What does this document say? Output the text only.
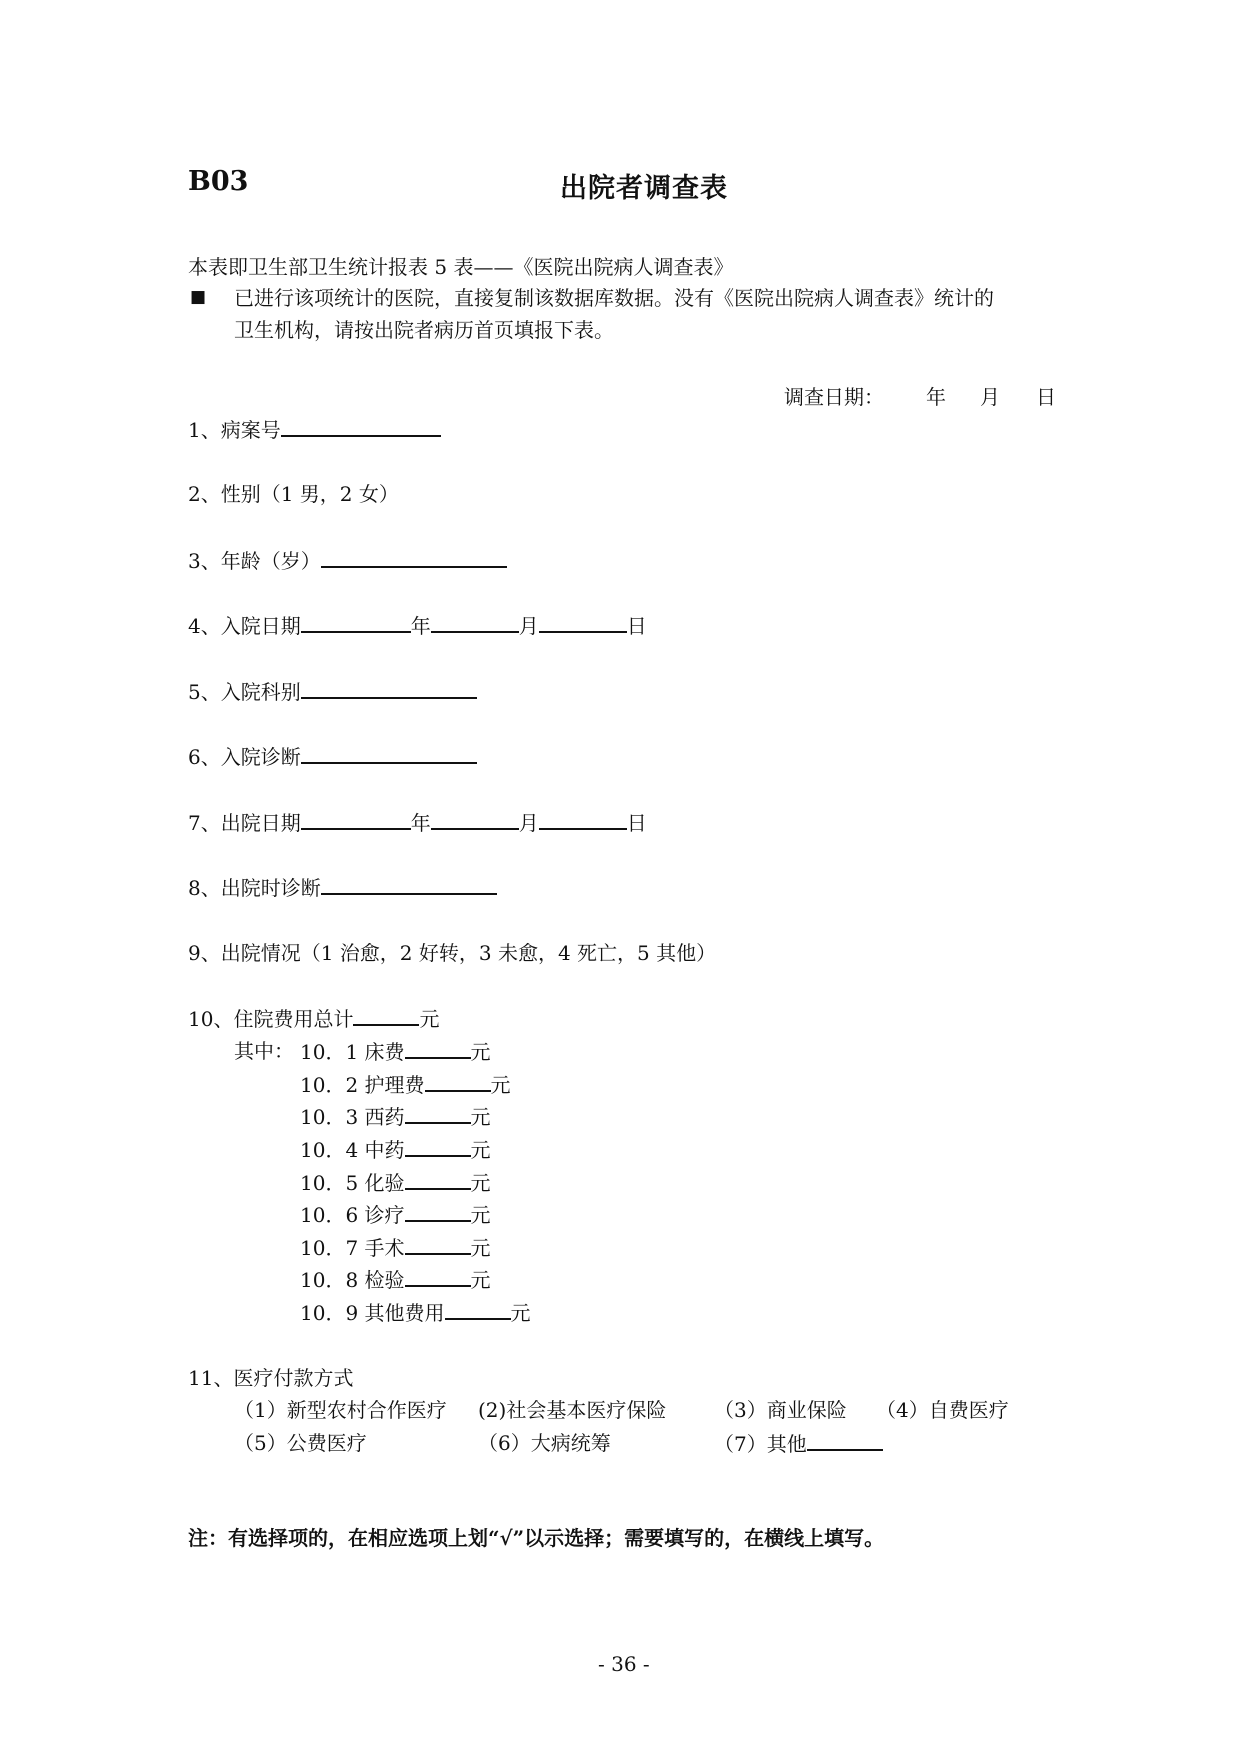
B03	出院者调查表
本表即卫生部卫生统计报表 5 表——《医院出院病人调查表》
■ 已进行该项统计的医院，直接复制该数据库数据。没有《医院出院病人调查表》统计的
卫生机构，请按出院者病历首页填报下表。
调查日期： 年 月 日
1、病案号
2、性别（1 男，2 女）
3、年龄（岁）
4、入院日期	年	月	日
5、入院科别
6、入院诊断
7、出院日期	年	月	日
8、出院时诊断
9、出院情况（1 治愈，2 好转，3 未愈，4 死亡，5 其他）
10、住院费用总计	元
其中： 10．1 床费	元
10．2 护理费	元
10．3 西药	元
10．4 中药	元
10．5 化验	元
10．6 诊疗	元
10．7 手术	元
10．8 检验	元
10．9 其他费用	元
11、医疗付款方式
（1）新型农村合作医疗 (2)社会基本医疗保险 （3）商业保险 （4）自费医疗
（5）公费医疗	（6）大病统筹	（7）其他
注：有选择项的，在相应选项上划“√”以示选择；需要填写的，在横线上填写。
- 36 -
